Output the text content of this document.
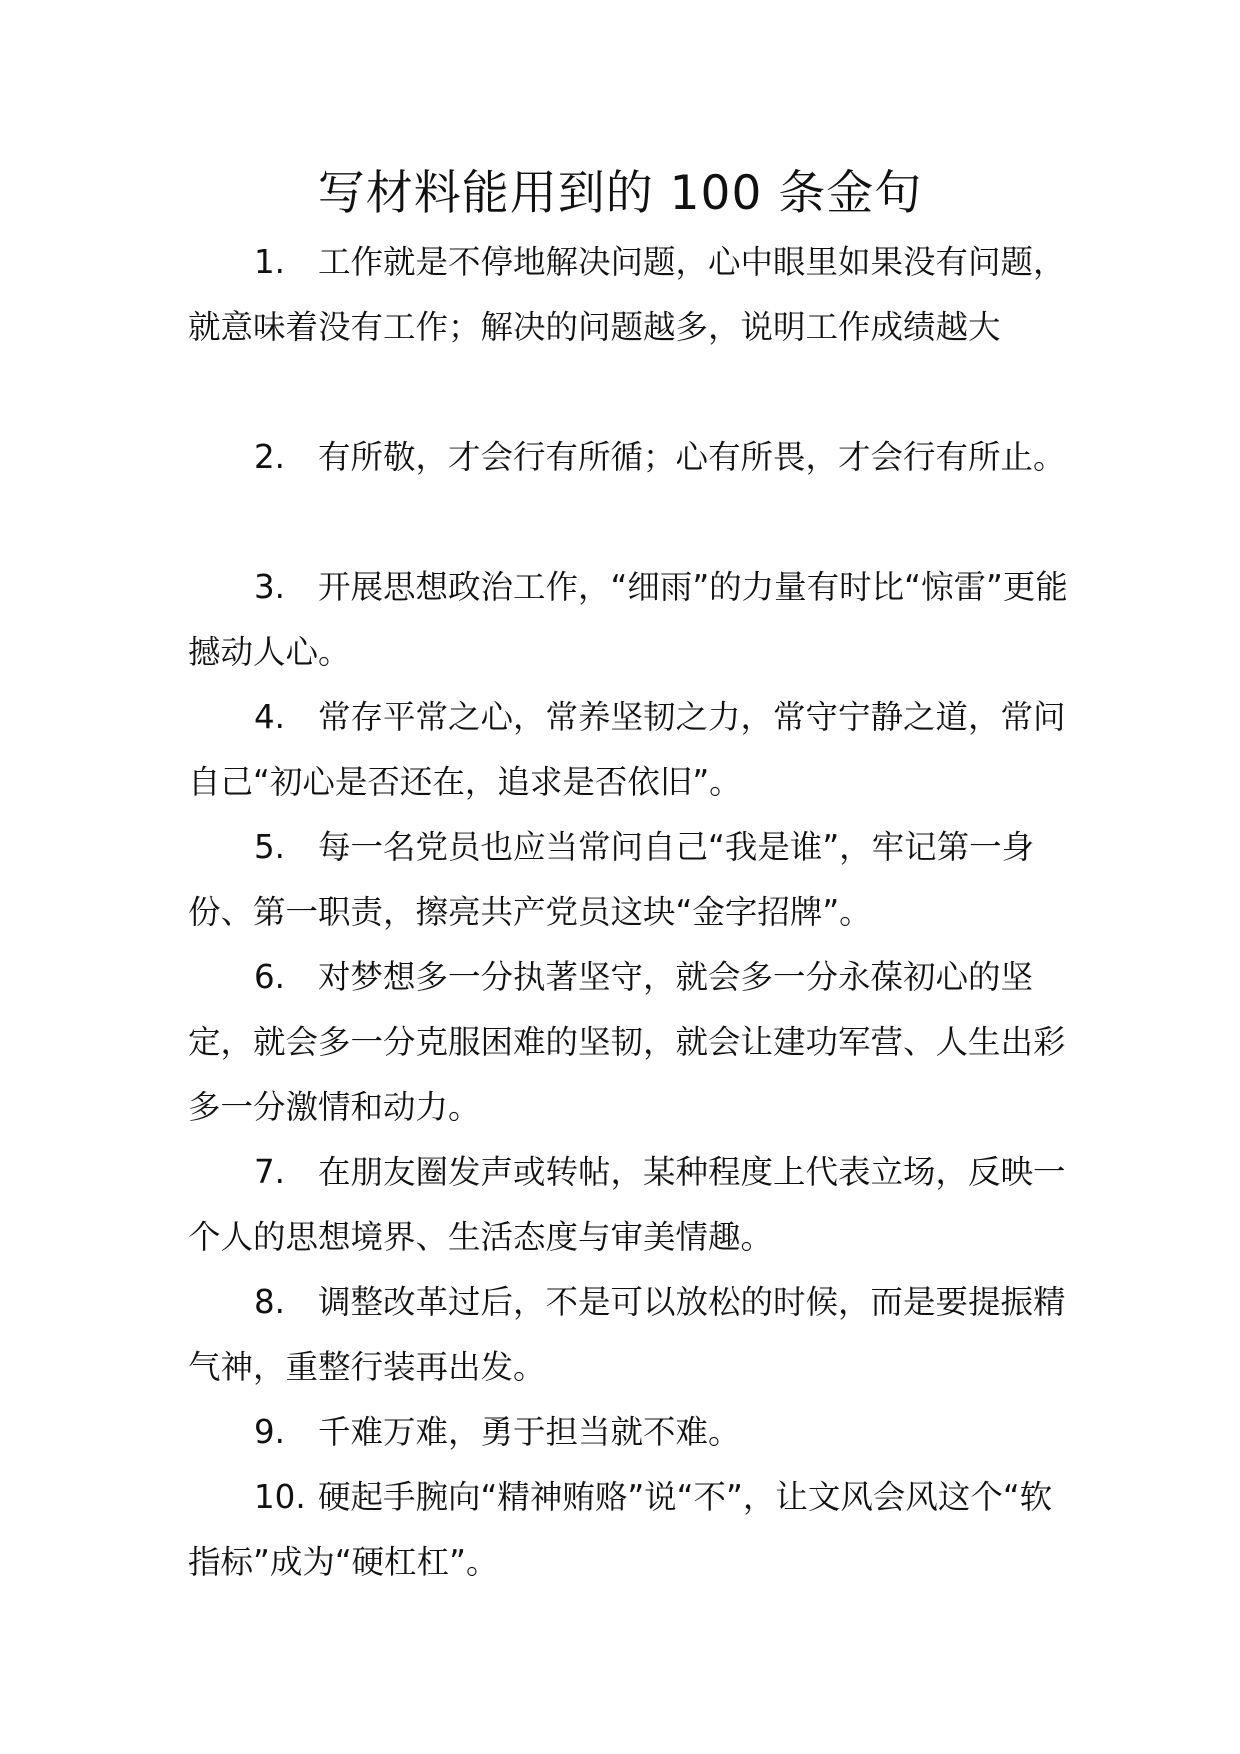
写材料能用到的 100 条金句

1. 工作就是不停地解决问题，心中眼里如果没有问题，就意味着没有工作；解决的问题越多，说明工作成绩越大

2. 有所敬，才会行有所循；心有所畏，才会行有所止。

3. 开展思想政治工作，“细雨”的力量有时比“惊雷”更能撼动人心。

4. 常存平常之心，常养坚韧之力，常守宁静之道，常问自己“初心是否还在，追求是否依旧”。

5. 每一名党员也应当常问自己“我是谁”，牢记第一身份、第一职责，擦亮共产党员这块“金字招牌”。

6. 对梦想多一分执著坚守，就会多一分永葆初心的坚定，就会多一分克服困难的坚韧，就会让建功军营、人生出彩多一分激情和动力。

7. 在朋友圈发声或转帖，某种程度上代表立场，反映一个人的思想境界、生活态度与审美情趣。

8. 调整改革过后，不是可以放松的时候，而是要提振精气神，重整行装再出发。

9. 千难万难，勇于担当就不难。

10. 硬起手腕向“精神贿赂”说“不”，让文风会风这个“软指标”成为“硬杠杠”。
